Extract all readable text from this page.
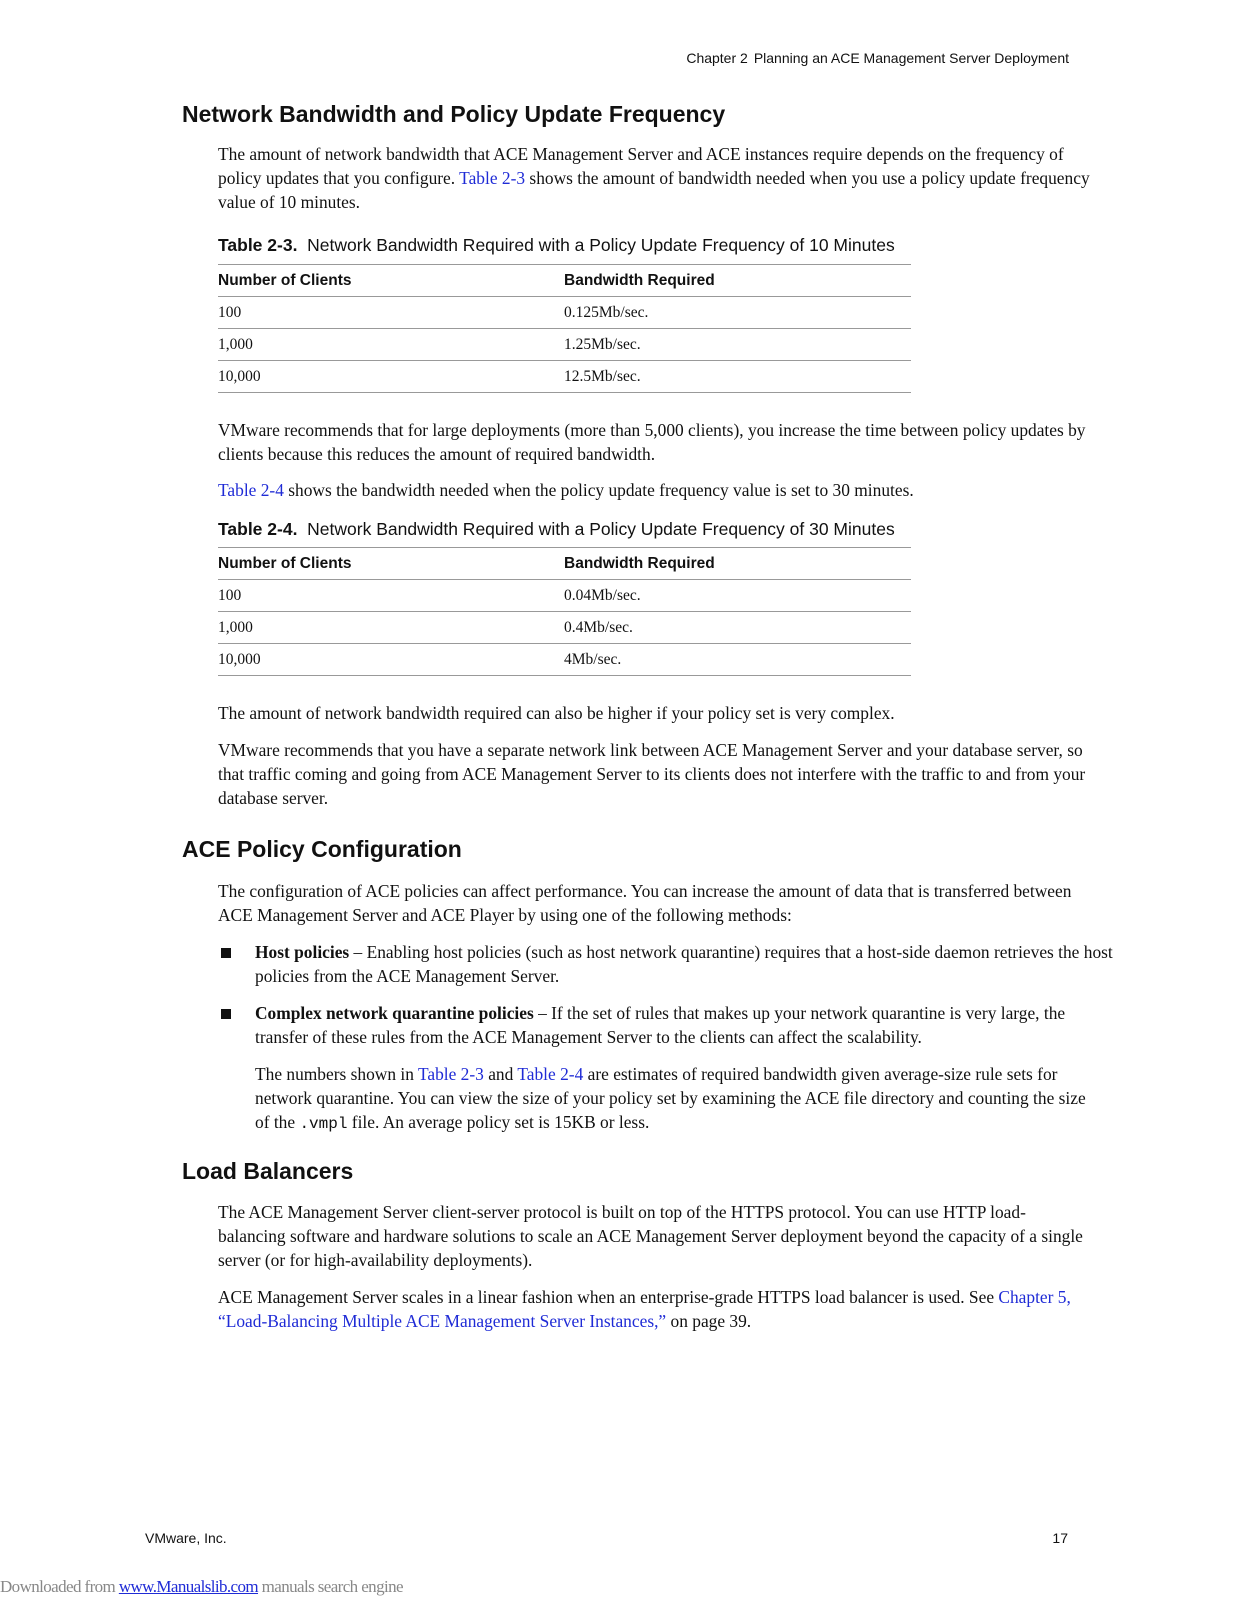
Chapter 2 Planning an ACE Management Server Deployment
Network Bandwidth and Policy Update Frequency

The amount of network bandwidth that ACE Management Server and ACE instances require depends on the frequency of policy updates that you configure. Table 2-3 shows the amount of bandwidth needed when you use a policy update frequency value of 10 minutes.

Table 2-3. Network Bandwidth Required with a Policy Update Frequency of 10 Minutes
Number of Clients	Bandwidth Required
100	0.125Mb/sec.
1,000	1.25Mb/sec.
10,000	12.5Mb/sec.

VMware recommends that for large deployments (more than 5,000 clients), you increase the time between policy updates by clients because this reduces the amount of required bandwidth.

Table 2-4 shows the bandwidth needed when the policy update frequency value is set to 30 minutes.

Table 2-4. Network Bandwidth Required with a Policy Update Frequency of 30 Minutes
Number of Clients	Bandwidth Required
100	0.04Mb/sec.
1,000	0.4Mb/sec.
10,000	4Mb/sec.

The amount of network bandwidth required can also be higher if your policy set is very complex.

VMware recommends that you have a separate network link between ACE Management Server and your database server, so that traffic coming and going from ACE Management Server to its clients does not interfere with the traffic to and from your database server.

ACE Policy Configuration

The configuration of ACE policies can affect performance. You can increase the amount of data that is transferred between ACE Management Server and ACE Player by using one of the following methods:

Host policies – Enabling host policies (such as host network quarantine) requires that a host-side daemon retrieves the host policies from the ACE Management Server.

Complex network quarantine policies – If the set of rules that makes up your network quarantine is very large, the transfer of these rules from the ACE Management Server to the clients can affect the scalability.

The numbers shown in Table 2-3 and Table 2-4 are estimates of required bandwidth given average-size rule sets for network quarantine. You can view the size of your policy set by examining the ACE file directory and counting the size of the .vmpl file. An average policy set is 15KB or less.

Load Balancers

The ACE Management Server client-server protocol is built on top of the HTTPS protocol. You can use HTTP load-balancing software and hardware solutions to scale an ACE Management Server deployment beyond the capacity of a single server (or for high-availability deployments).

ACE Management Server scales in a linear fashion when an enterprise-grade HTTPS load balancer is used. See Chapter 5, “Load-Balancing Multiple ACE Management Server Instances,” on page 39.

VMware, Inc.	17
Downloaded from www.Manualslib.com manuals search engine
